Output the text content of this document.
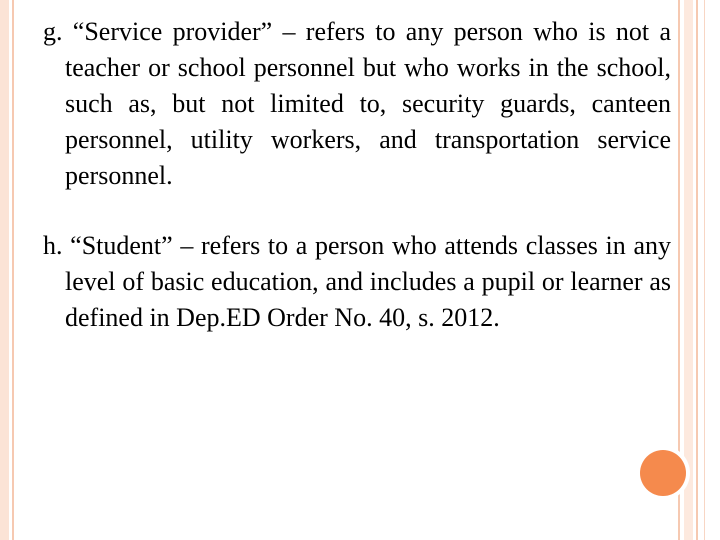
g. “Service provider” – refers to any person who is not a teacher or school personnel but who works in the school, such as, but not limited to, security guards, canteen personnel, utility workers, and transportation service personnel.

h. “Student” – refers to a person who attends classes in any level of basic education, and includes a pupil or learner as defined in Dep.ED Order No. 40, s. 2012.
